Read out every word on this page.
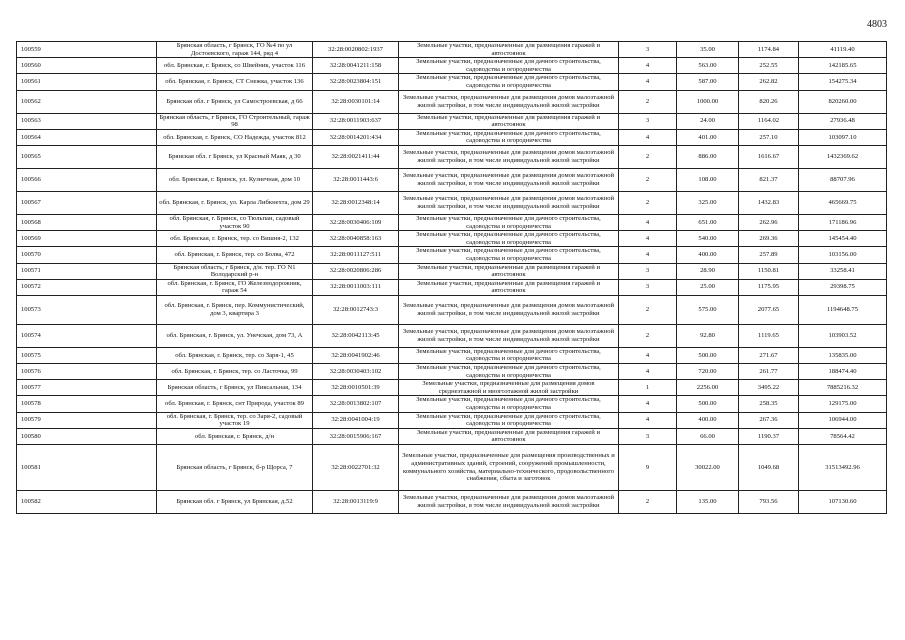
4803
100559	Брянская область, г Брянск, ГО №4 по ул Достоевского, гараж 144, ряд 4	32:28:0020802:1937	Земельные участки, предназначенные для размещения гаражей и автостоянок	3	35.00	1174.84	41119.40
100560	обл. Брянская, г. Брянск, со Швейник, участок 116	32:28:0041211:158	Земельные участки, предназначенные для дачного строительства, садоводства и огородничества	4	563.00	252.55	142185.65
100561	обл. Брянская, г. Брянск, СТ Снежка, участок 136	32:28:0023804:151	Земельные участки, предназначенные для дачного строительства, садоводства и огородничества	4	587.00	262.82	154275.34
100562	Брянская обл. г Брянск, ул Самостроевская, д 66	32:28:0030101:14	Земельные участки, предназначенные для размещения домов малоэтажной жилой застройки, в том числе индивидуальной жилой застройки	2	1000.00	820.26	820260.00
100563	Брянская область, г Брянск, ГО Строительный, гараж 98	32:28:0011903:637	Земельные участки, предназначенные для размещения гаражей и автостоянок	3	24.00	1164.02	27936.48
100564	обл. Брянская, г. Брянск, СО Надежда, участок 812	32:28:0014201:434	Земельные участки, предназначенные для дачного строительства, садоводства и огородничества	4	401.00	257.10	103097.10
100565	Брянская обл. г Брянск, ул Красный Маяк, д 30	32:28:0021411:44	Земельные участки, предназначенные для размещения домов малоэтажной жилой застройки, в том числе индивидуальной жилой застройки	2	886.00	1616.67	1432369.62
100566	обл. Брянская, г. Брянск, ул. Кузнечная, дом 10	32:28:0011443:6	Земельные участки, предназначенные для размещения домов малоэтажной жилой застройки, в том числе индивидуальной жилой застройки	2	108.00	821.37	88707.96
100567	обл. Брянская, г. Брянск, ул. Карла Либкнехта, дом 29	32:28:0012348:14	Земельные участки, предназначенные для размещения домов малоэтажной жилой застройки, в том числе индивидуальной жилой застройки	2	325.00	1432.83	465669.75
100568	обл. Брянская, г. Брянск, со Тюльпан, садовый участок 90	32:28:0030406:109	Земельные участки, предназначенные для дачного строительства, садоводства и огородничества	4	651.00	262.96	171186.96
100569	обл. Брянская, г. Брянск, тер. со Вишня-2, 132	32:28:0040858:163	Земельные участки, предназначенные для дачного строительства, садоводства и огородничества	4	540.00	269.36	145454.40
100570	обл. Брянская, г. Брянск, тер. со Болва, 472	32:28:0011127:511	Земельные участки, предназначенные для дачного строительства, садоводства и огородничества	4	400.00	257.89	103156.00
100571	Брянская область, г Брянск, д/н. тер. ГО N1 Володарский р-н	32:28:0020806:286	Земельные участки, предназначенные для размещения гаражей и автостоянок	3	28.90	1150.81	33258.41
100572	обл. Брянская, г. Брянск, ГО Железнодорожник, гараж 54	32:28:0011003:111	Земельные участки, предназначенные для размещения гаражей и автостоянок	3	25.00	1175.95	29398.75
100573	обл. Брянская, г. Брянск, пер. Коммунистический, дом 3, квартира 3	32:28:0012743:3	Земельные участки, предназначенные для размещения домов малоэтажной жилой застройки, в том числе индивидуальной жилой застройки	2	575.00	2077.65	1194648.75
100574	обл. Брянская, г. Брянск, ул. Унечская, дом 73, А	32:28:0042113:45	Земельные участки, предназначенные для размещения домов малоэтажной жилой застройки, в том числе индивидуальной жилой застройки	2	92.80	1119.65	103903.52
100575	обл. Брянская, г. Брянск, тер. со Заря-1, 45	32:28:0041902:46	Земельные участки, предназначенные для дачного строительства, садоводства и огородничества	4	500.00	271.67	135835.00
100576	обл. Брянская, г. Брянск, тер. со Ласточка, 99	32:28:0030403:102	Земельные участки, предназначенные для дачного строительства, садоводства и огородничества	4	720.00	261.77	188474.40
100577	Брянская область, г Брянск, ул Пиксальная, 134	32:28:0010501:39	Земельные участки, предназначенные для размещения домов среднеэтажной и многоэтажной жилой застройки	1	2256.00	3495.22	7885216.32
100578	обл. Брянская, г. Брянск, снт Природа, участок 89	32:28:0013802:107	Земельные участки, предназначенные для дачного строительства, садоводства и огородничества	4	500.00	258.35	129175.00
100579	обл. Брянская, г. Брянск, тер. со Заря-2, садовый участок 19	32:28:0041004:19	Земельные участки, предназначенные для дачного строительства, садоводства и огородничества	4	400.00	267.36	106944.00
100580	обл. Брянская, г. Брянск, д/н	32:28:0015906:167	Земельные участки, предназначенные для размещения гаражей и автостоянок	3	66.00	1190.37	78564.42
100581	Брянская область, г Брянск, б-р Щорса, 7	32:28:0022701:32	Земельные участки, предназначенные для размещения производственных и административных зданий, строений, сооружений промышленности, коммунального хозяйства, материально-технического, продовольственного снабжения, сбыта и заготовок	9	30022.00	1049.68	31513492.96
100582	Брянская обл. г Брянск, ул Брянская, д.52	32:28:0013119:9	Земельные участки, предназначенные для размещения домов малоэтажной жилой застройки, в том числе индивидуальной жилой застройки	2	135.00	793.56	107130.60
